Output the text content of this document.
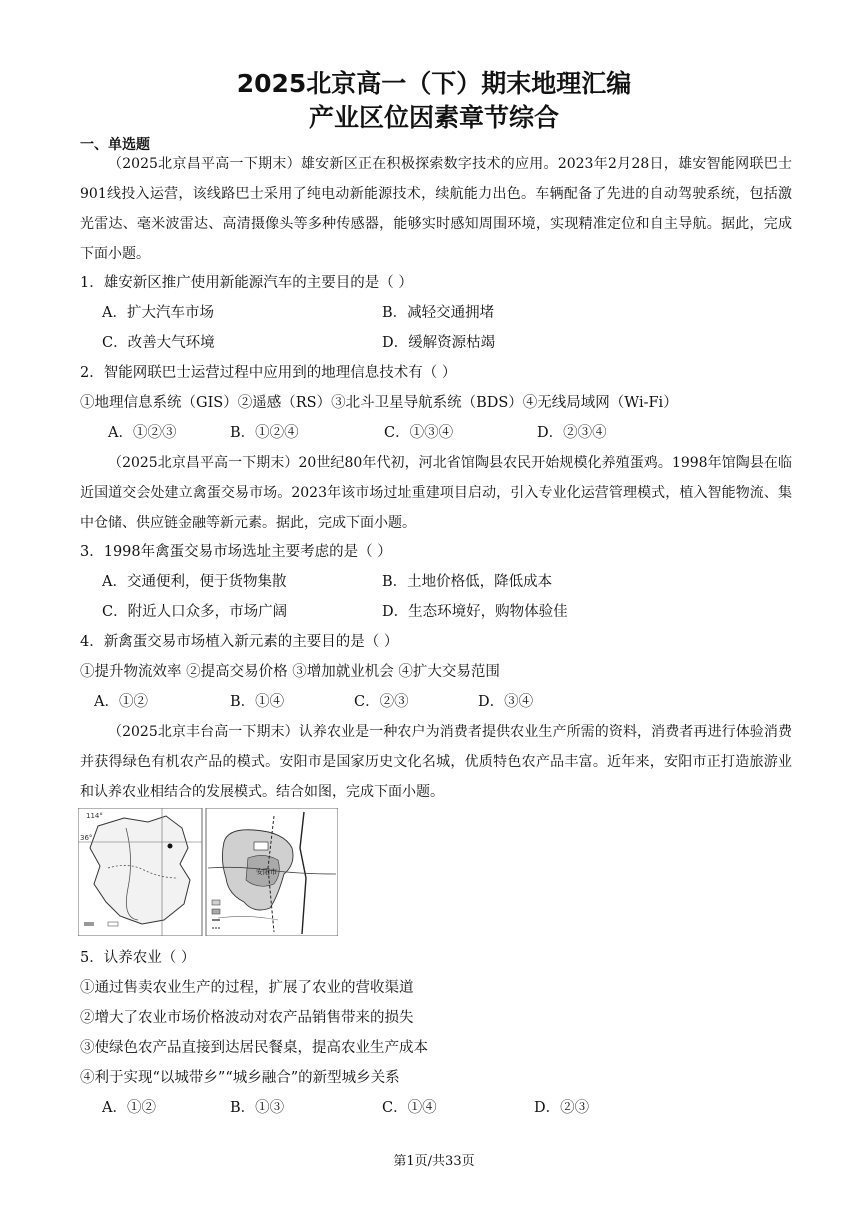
2025北京高一（下）期末地理汇编
产业区位因素章节综合
一、单选题

（2025北京昌平高一下期末）雄安新区正在积极探索数字技术的应用。2023年2月28日，雄安智能网联巴士901线投入运营，该线路巴士采用了纯电动新能源技术，续航能力出色。车辆配备了先进的自动驾驶系统，包括激光雷达、毫米波雷达、高清摄像头等多种传感器，能够实时感知周围环境，实现精准定位和自主导航。据此，完成下面小题。

1．雄安新区推广使用新能源汽车的主要目的是（ ）
A．扩大汽车市场	B．减轻交通拥堵
C．改善大气环境	D．缓解资源枯竭
2．智能网联巴士运营过程中应用到的地理信息技术有（ ）
①地理信息系统（GIS）②遥感（RS）③北斗卫星导航系统（BDS）④无线局域网（Wi-Fi）
A．①②③	B．①②④	C．①③④	D．②③④

（2025北京昌平高一下期末）20世纪80年代初，河北省馆陶县农民开始规模化养殖蛋鸡。1998年馆陶县在临近国道交会处建立禽蛋交易市场。2023年该市场过址重建项目启动，引入专业化运营管理模式，植入智能物流、集中仓储、供应链金融等新元素。据此，完成下面小题。

3．1998年禽蛋交易市场选址主要考虑的是（ ）
A．交通便利，便于货物集散	B．土地价格低，降低成本
C．附近人口众多，市场广阔	D．生态环境好，购物体验佳
4．新禽蛋交易市场植入新元素的主要目的是（ ）
①提升物流效率 ②提高交易价格 ③增加就业机会 ④扩大交易范围
A．①②	B．①④	C．②③	D．③④

（2025北京丰台高一下期末）认养农业是一种农户为消费者提供农业生产所需的资料，消费者再进行体验消费并获得绿色有机农产品的模式。安阳市是国家历史文化名城，优质特色农产品丰富。近年来，安阳市正打造旅游业和认养农业相结合的发展模式。结合如图，完成下面小题。

114°
36°
安阳市
5．认养农业（ ）
①通过售卖农业生产的过程，扩展了农业的营收渠道
②增大了农业市场价格波动对农产品销售带来的损失
③使绿色农产品直接到达居民餐桌，提高农业生产成本
④利于实现“以城带乡”“城乡融合”的新型城乡关系
A．①②	B．①③	C．①④	D．②③
第1页/共33页
